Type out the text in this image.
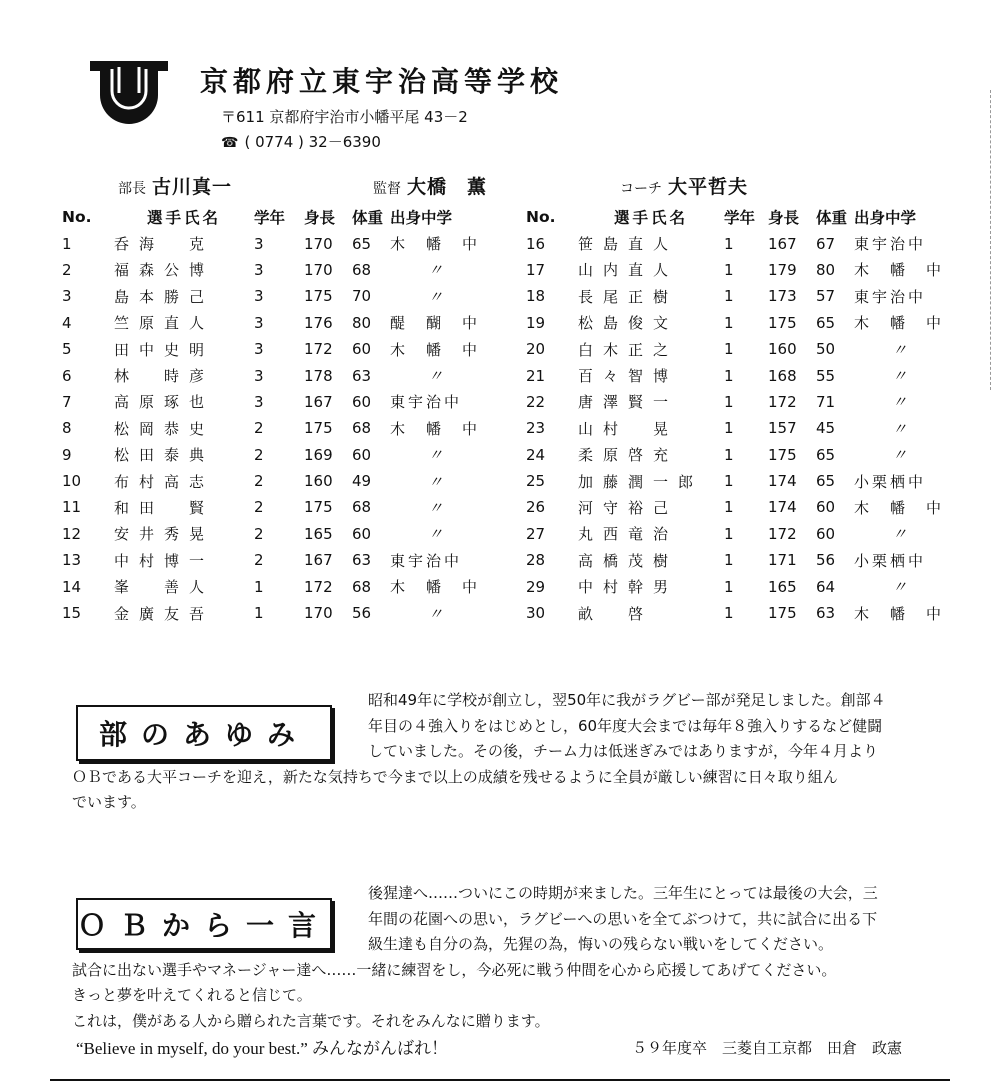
京都府立東宇治高等学校
〒611 京都府宇治市小幡平尾 43－2
☎ ( 0774 ) 32－6390
部長 古川真一	監督 大橋　薫	コーチ 大平哲夫
No.	選手氏名	学年	身長	体重	出身中学
1	呑海　克	3	170	65	木　幡　中
2	福森公博	3	170	68	〃
3	島本勝己	3	175	70	〃
4	竺原直人	3	176	80	醍　醐　中
5	田中史明	3	172	60	木　幡　中
6	林　時彦	3	178	63	〃
7	高原琢也	3	167	60	東宇治中
8	松岡恭史	2	175	68	木　幡　中
9	松田泰典	2	169	60	〃
10	布村高志	2	160	49	〃
11	和田　賢	2	175	68	〃
12	安井秀晃	2	165	60	〃
13	中村博一	2	167	63	東宇治中
14	峯　善人	1	172	68	木　幡　中
15	金廣友吾	1	170	56	〃
No.	選手氏名	学年	身長	体重	出身中学
16	笹島直人	1	167	67	東宇治中
17	山内直人	1	179	80	木　幡　中
18	長尾正樹	1	173	57	東宇治中
19	松島俊文	1	175	65	木　幡　中
20	白木正之	1	160	50	〃
21	百々智博	1	168	55	〃
22	唐澤賢一	1	172	71	〃
23	山村　晃	1	157	45	〃
24	柔原啓充	1	175	65	〃
25	加藤潤一郎	1	174	65	小栗栖中
26	河守裕己	1	174	60	木　幡　中
27	丸西竜治	1	172	60	〃
28	高橋茂樹	1	171	56	小栗栖中
29	中村幹男	1	165	64	〃
30	畝　啓	1	175	63	木　幡　中
部のあゆみ
昭和49年に学校が創立し，翌50年に我がラグビー部が発足しました。創部４
年目の４強入りをはじめとし，60年度大会までは毎年８強入りするなど健闘
していました。その後，チーム力は低迷ぎみではありますが，今年４月より
ＯＢである大平コーチを迎え，新たな気持ちで今まで以上の成績を残せるように全員が厳しい練習に日々取り組ん
でいます。
ＯＢから一言
後猩達へ……ついにこの時期が来ました。三年生にとっては最後の大会，三
年間の花園への思い，ラグビーへの思いを全てぶつけて，共に試合に出る下
級生達も自分の為，先猩の為，悔いの残らない戦いをしてください。
試合に出ない選手やマネージャー達へ……一緒に練習をし，今必死に戦う仲間を心から応援してあげてください。
きっと夢を叶えてくれると信じて。
これは，僕がある人から贈られた言葉です。それをみんなに贈ります。
“Believe in myself, do your best.” みんながんばれ！	５９年度卒　三菱自工京都　田倉　政憲
